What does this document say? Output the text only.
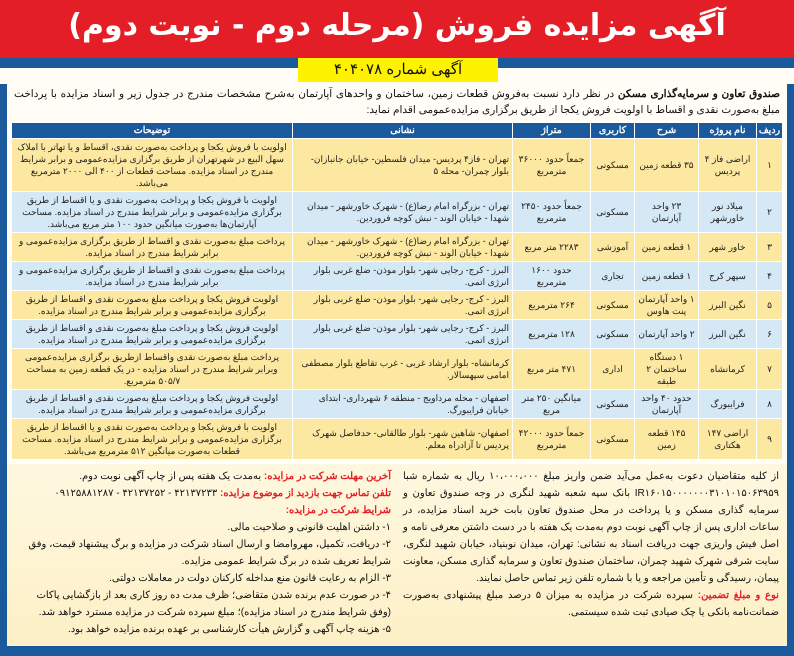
آگهی مزایده فروش (مرحله دوم - نوبت دوم)
آگهی شماره ۴۰۴۰۷۸
صندوق تعاون و سرمایه‌گذاری مسکن در نظر دارد نسبت به‌فروش قطعات زمین، ساختمان و واحدهای آپارتمان به‌شرح مشخصات مندرج در جدول زیر و اسناد مزایده با پرداخت مبلغ به‌صورت نقدی و اقساط با اولویت فروش یکجا از طریق برگزاری مزایده‌عمومی اقدام نماید:
ردیف	نام پروژه	شرح	کاربری	متراژ	نشانی	توضیحات
۱	اراضی فاز ۴ پردیس	۳۵ قطعه زمین	مسکونی	جمعاً حدود ۳۶۰۰۰ مترمربع	تهران - فاز۴ پردیس- میدان فلسطین- خیابان جانبازان- بلوار چمران- محله ۵	اولویت با فروش یکجا و پرداخت به‌صورت نقدی، اقساط و یا تهاتر با املاک سهل البیع در شهرتهران از طریق برگزاری مزایده‌عمومی و برابر شرایط مندرج در اسناد مزایده. مساحت قطعات از ۴۰۰ الی ۲۰۰۰ مترمربع می‌باشد.
۲	میلاد نور خاورشهر	۲۳ واحد آپارتمان	مسکونی	جمعاً حدود ۲۴۵۰ مترمربع	تهران - بزرگراه امام رضا(ع) - شهرک خاورشهر - میدان شهدا - خیابان الوند - نبش کوچه فروردین.	اولویت با فروش یکجا و پرداخت به‌صورت نقدی و یا اقساط از طریق برگزاری مزایده‌عمومی و برابر شرایط مندرج در اسناد مزایده. مساحت آپارتمان‌ها به‌صورت میانگین حدود ۱۰۰ متر مربع می‌باشد.
۳	خاور شهر	۱ قطعه زمین	آموزشی	۲۲۸۳ متر مربع	تهران - بزرگراه امام رضا(ع) - شهرک خاورشهر - میدان شهدا - خیابان الوند - نبش کوچه فروردین.	پرداخت مبلغ به‌صورت نقدی و اقساط از طریق برگزاری مزایده‌عمومی و برابر شرایط مندرج در اسناد مزایده.
۴	سپهر کرج	۱ قطعه زمین	تجاری	حدود ۱۶۰۰ مترمربع	البرز - کرج- رجایی شهر- بلوار موذن- ضلع غربی بلوار انرژی اتمی.	پرداخت مبلغ به‌صورت نقدی و اقساط از طریق برگزاری مزایده‌عمومی و برابر شرایط مندرج در اسناد مزایده.
۵	نگین البرز	۱ واحد آپارتمان پنت هاوس	مسکونی	۲۶۴ مترمربع	البرز - کرج- رجایی شهر- بلوار موذن- ضلع غربی بلوار انرژی اتمی.	اولویت فروش یکجا و پرداخت مبلغ به‌صورت نقدی و اقساط از طریق برگزاری مزایده‌عمومی و برابر شرایط مندرج در اسناد مزایده.
۶	نگین البرز	۲ واحد آپارتمان	مسکونی	۱۲۸ مترمربع	البرز - کرج- رجایی شهر- بلوار موذن- ضلع غربی بلوار انرژی اتمی.	اولویت فروش یکجا و پرداخت مبلغ به‌صورت نقدی و اقساط از طریق برگزاری مزایده‌عمومی و برابر شرایط مندرج در اسناد مزایده.
۷	کرمانشاه	۱ دستگاه ساختمان ۲ طبقه	اداری	۴۷۱ متر مربع	کرمانشاه- بلوار ارشاد غربی - غرب تقاطع بلوار مصطفی امامی سپهسالار.	پرداخت مبلغ به‌صورت نقدی واقساط ازطریق برگزاری مزایده‌عمومی وبرابر شرایط مندرج در اسناد مزایده - در یک قطعه زمین به مساحت ۵۰۵/۷ مترمربع.
۸	فرایبورگ	حدود ۴۰ واحد آپارتمان	مسکونی	میانگین ۲۵۰ متر مربع	اصفهان - محله مرداویج - منطقه ۶ شهرداری- ابتدای خیابان فرایبورگ.	اولویت فروش یکجا و پرداخت مبلغ به‌صورت نقدی و اقساط از طریق برگزاری مزایده‌عمومی و برابر شرایط مندرج در اسناد مزایده.
۹	اراضی ۱۴۷ هکتاری	۱۴۵ قطعه زمین	مسکونی	جمعاً حدود ۴۲۰۰۰ مترمربع	اصفهان- شاهین شهر- بلوار طالقانی- حدفاصل شهرک پردیس تا آزادراه معلم.	اولویت با فروش یکجا و پرداخت به‌صورت نقدی و یا اقساط از طریق برگزاری مزایده‌عمومی و برابر شرایط مندرج در اسناد مزایده. مساحت قطعات به‌صورت میانگین ۵۱۲ مترمربع می‌باشد.
از کلیه متقاضیان دعوت به‌عمل می‌آید ضمن واریز مبلغ ۱۰،۰۰۰،۰۰۰ ریال به شماره شبا IR۱۶۰۱۵۰۰۰۰۰۰۰۳۱۰۱۰۱۵۰۶۳۹۵۹ بانک سپه شعبه شهید لنگری در وجه صندوق تعاون و سرمایه گذاری مسکن و یا پرداخت در محل صندوق تعاون بابت خرید اسناد مزایده، در ساعات اداری پس از چاپ آگهی نوبت دوم به‌مدت یک هفته با در دست داشتن معرفی نامه و اصل فیش واریزی جهت دریافت اسناد به نشانی: تهران، میدان نوبنیاد، خیابان شهید لنگری، سایت شرقی شهرک شهید چمران، ساختمان صندوق تعاون و سرمایه گذاری مسکن، معاونت پیمان، رسیدگی و تأمین مراجعه و یا با شماره تلفن زیر تماس حاصل نمایند.
نوع و مبلغ تضمین: سپرده شرکت در مزایده به میزان ۵ درصد مبلغ پیشنهادی به‌صورت ضمانت‌نامه بانکی یا چک صیادی ثبت شده سیستمی.
آخرین مهلت شرکت در مزایده: به‌مدت یک هفته پس از چاپ آگهی نوبت دوم.
تلفن تماس جهت بازدید از موضوع مزایده: ۴۲۱۳۷۲۳۳ - ۴۲۱۳۷۲۵۲ - ۰۹۱۲۵۸۸۱۲۸۷
شرایط شرکت در مزایده:
۱- داشتن اهلیت قانونی و صلاحیت مالی.
۲- دریافت، تکمیل، مهروامضا و ارسال اسناد شرکت در مزایده و برگ پیشنهاد قیمت، وفق شرایط تعریف شده در برگ شرایط عمومی مزایده.
۳- الزام به رعایت قانون منع مداخله کارکنان دولت در معاملات دولتی.
۴- در صورت عدم برنده شدن متقاضی؛ ظرف مدت ده روز کاری بعد از بازگشایی پاکات (وفق شرایط مندرج در اسناد مزایده)؛ مبلغ سپرده شرکت در مزایده مسترد خواهد شد.
۵- هزینه چاپ آگهی و گزارش هیأت کارشناسی بر عهده برنده مزایده خواهد بود.
